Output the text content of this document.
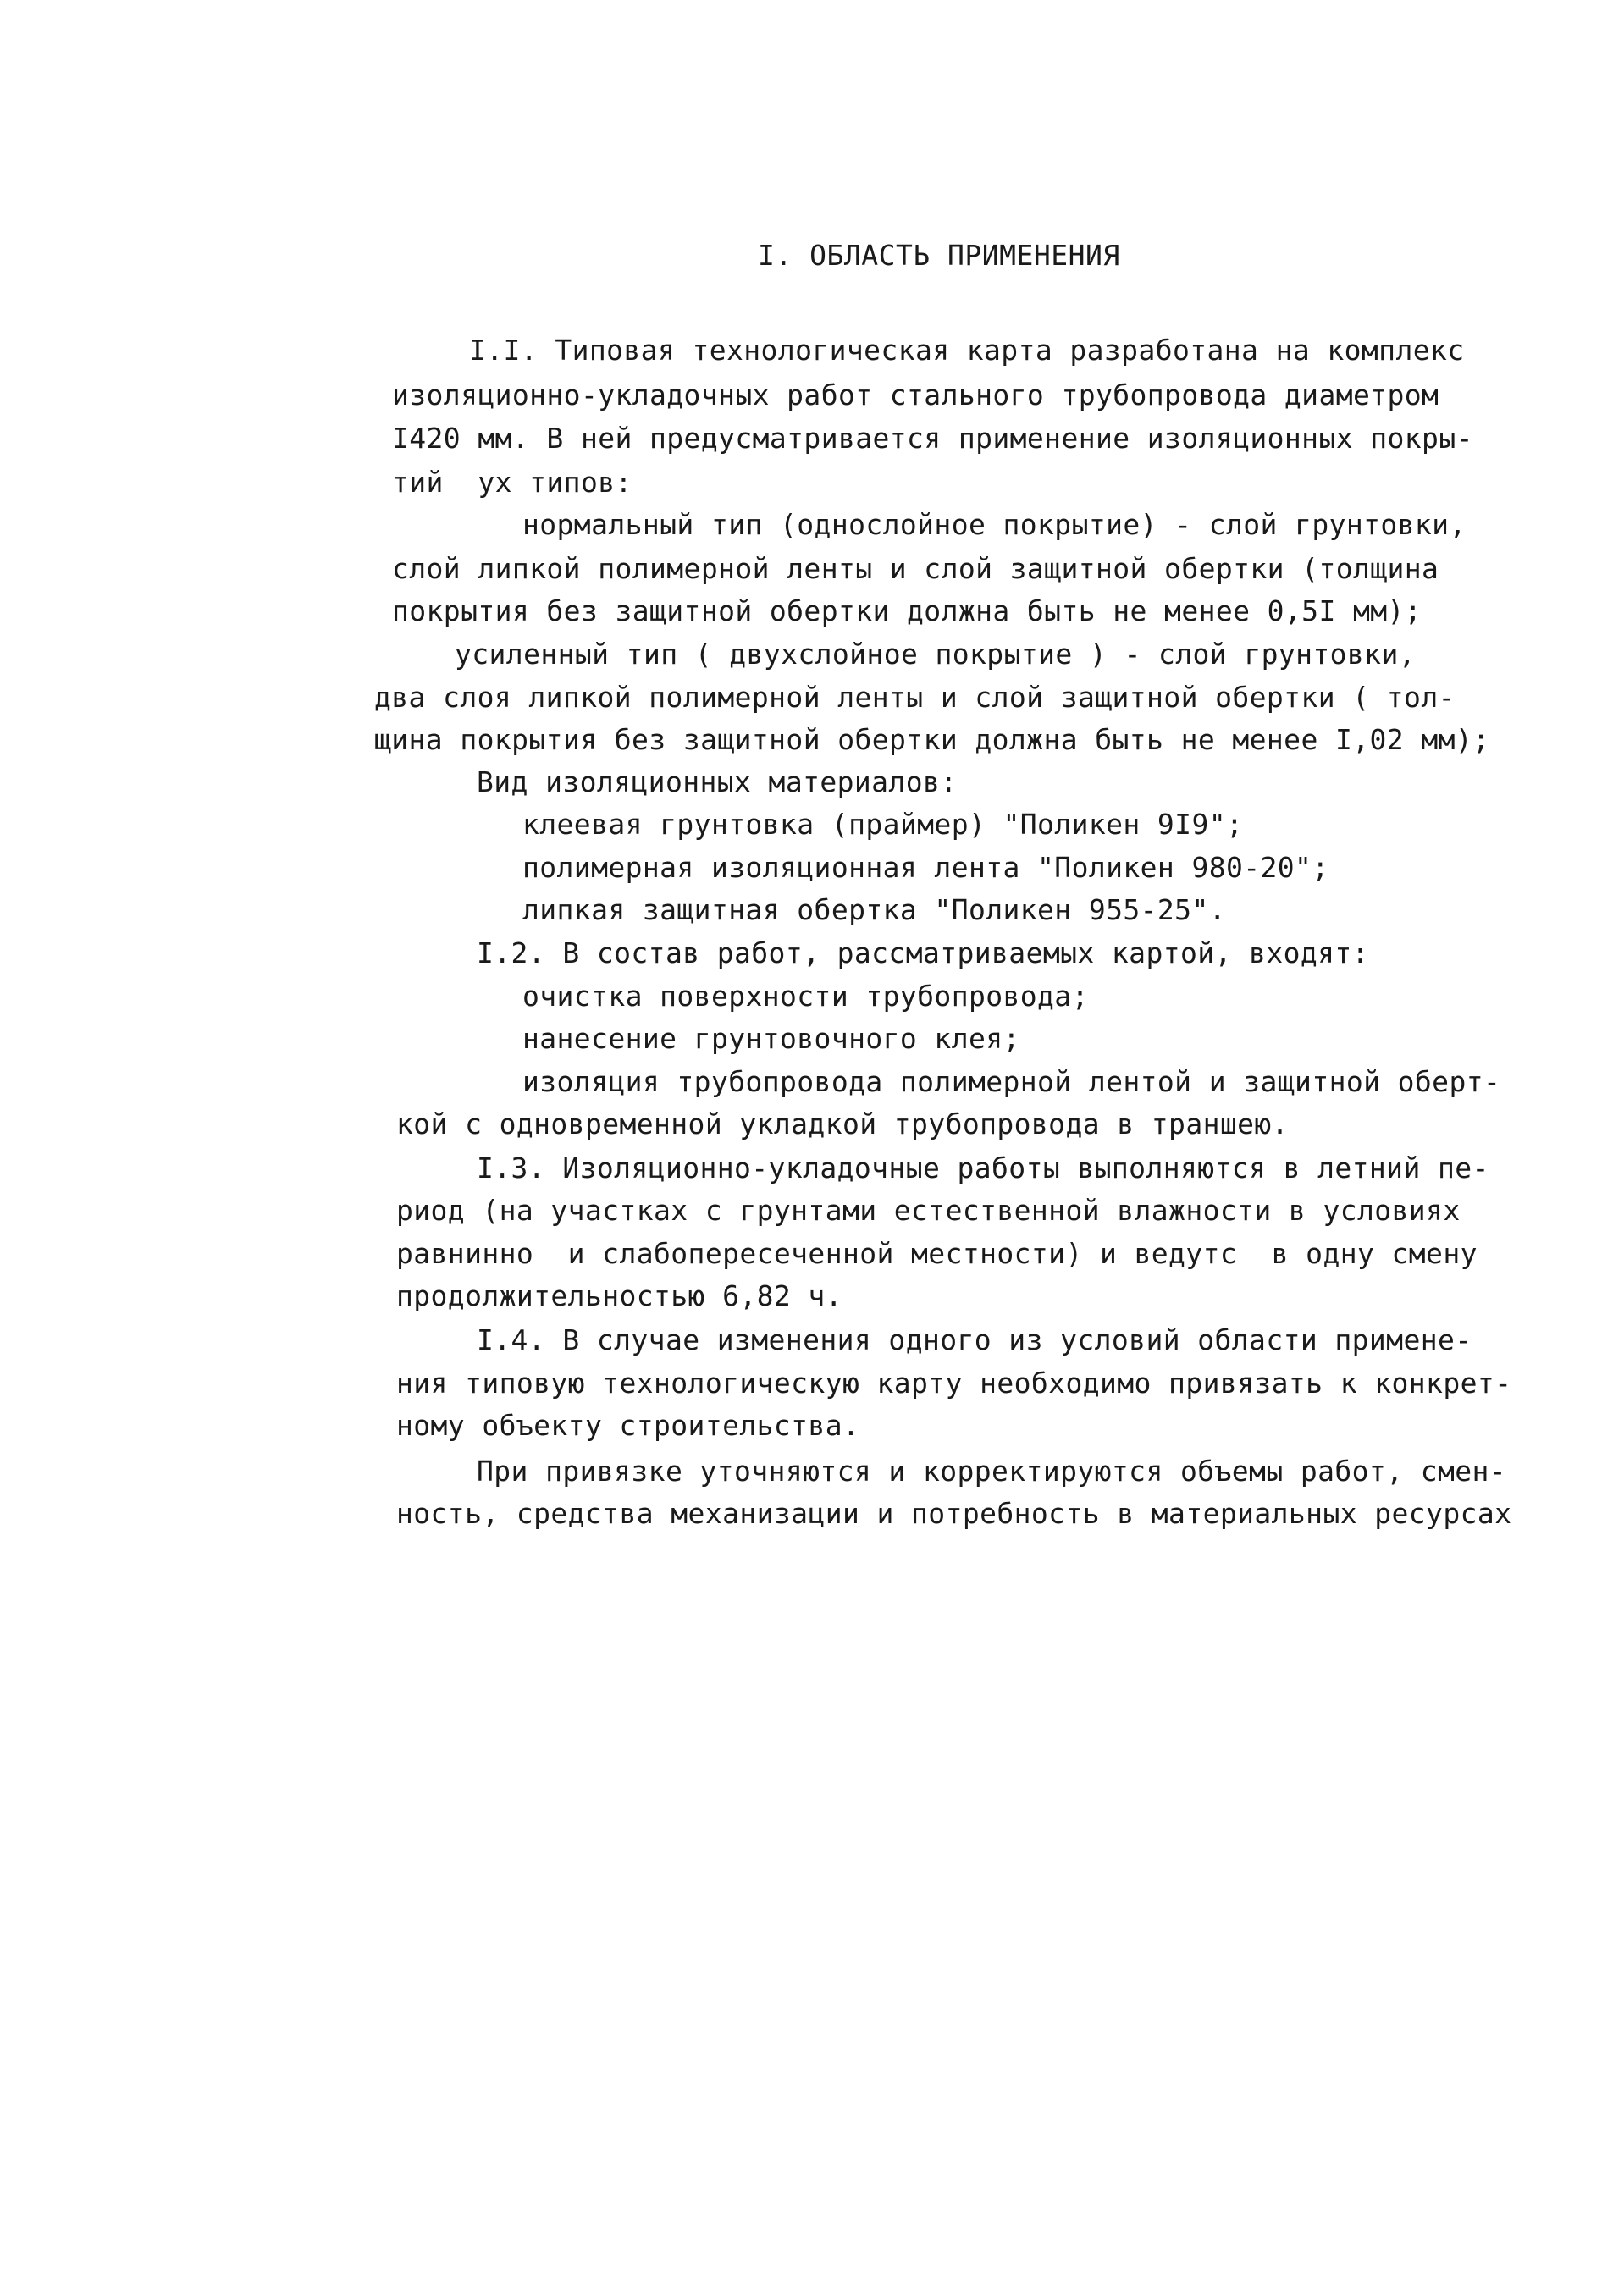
I. ОБЛАСТЬ ПРИМЕНЕНИЯ
I.I. Типовая технологическая карта разработана на комплекс
изоляционно-укладочных работ стального трубопровода диаметром
I420 мм. В ней предусматривается применение изоляционных покры-
тий  ух типов:
нормальный тип (однослойное покрытие) - слой грунтовки,
слой липкой полимерной ленты и слой защитной обертки (толщина
покрытия без защитной обертки должна быть не менее 0,5I мм);
усиленный тип ( двухслойное покрытие ) - слой грунтовки,
два слоя липкой полимерной ленты и слой защитной обертки ( тол-
щина покрытия без защитной обертки должна быть не менее I,02 мм);
Вид изоляционных материалов:
клеевая грунтовка (праймер) "Поликен 9I9";
полимерная изоляционная лента "Поликен 980-20";
липкая защитная обертка "Поликен 955-25".
I.2. В состав работ, рассматриваемых картой, входят:
очистка поверхности трубопровода;
нанесение грунтовочного клея;
изоляция трубопровода полимерной лентой и защитной оберт-
кой с одновременной укладкой трубопровода в траншею.
I.3. Изоляционно-укладочные работы выполняются в летний пе-
риод (на участках с грунтами естественной влажности в условиях
равнинно  и слабопересеченной местности) и ведутс  в одну смену
продолжительностью 6,82 ч.
I.4. В случае изменения одного из условий области примене-
ния типовую технологическую карту необходимо привязать к конкрет-
ному объекту строительства.
При привязке уточняются и корректируются объемы работ, смен-
ность, средства механизации и потребность в материальных ресурсах
